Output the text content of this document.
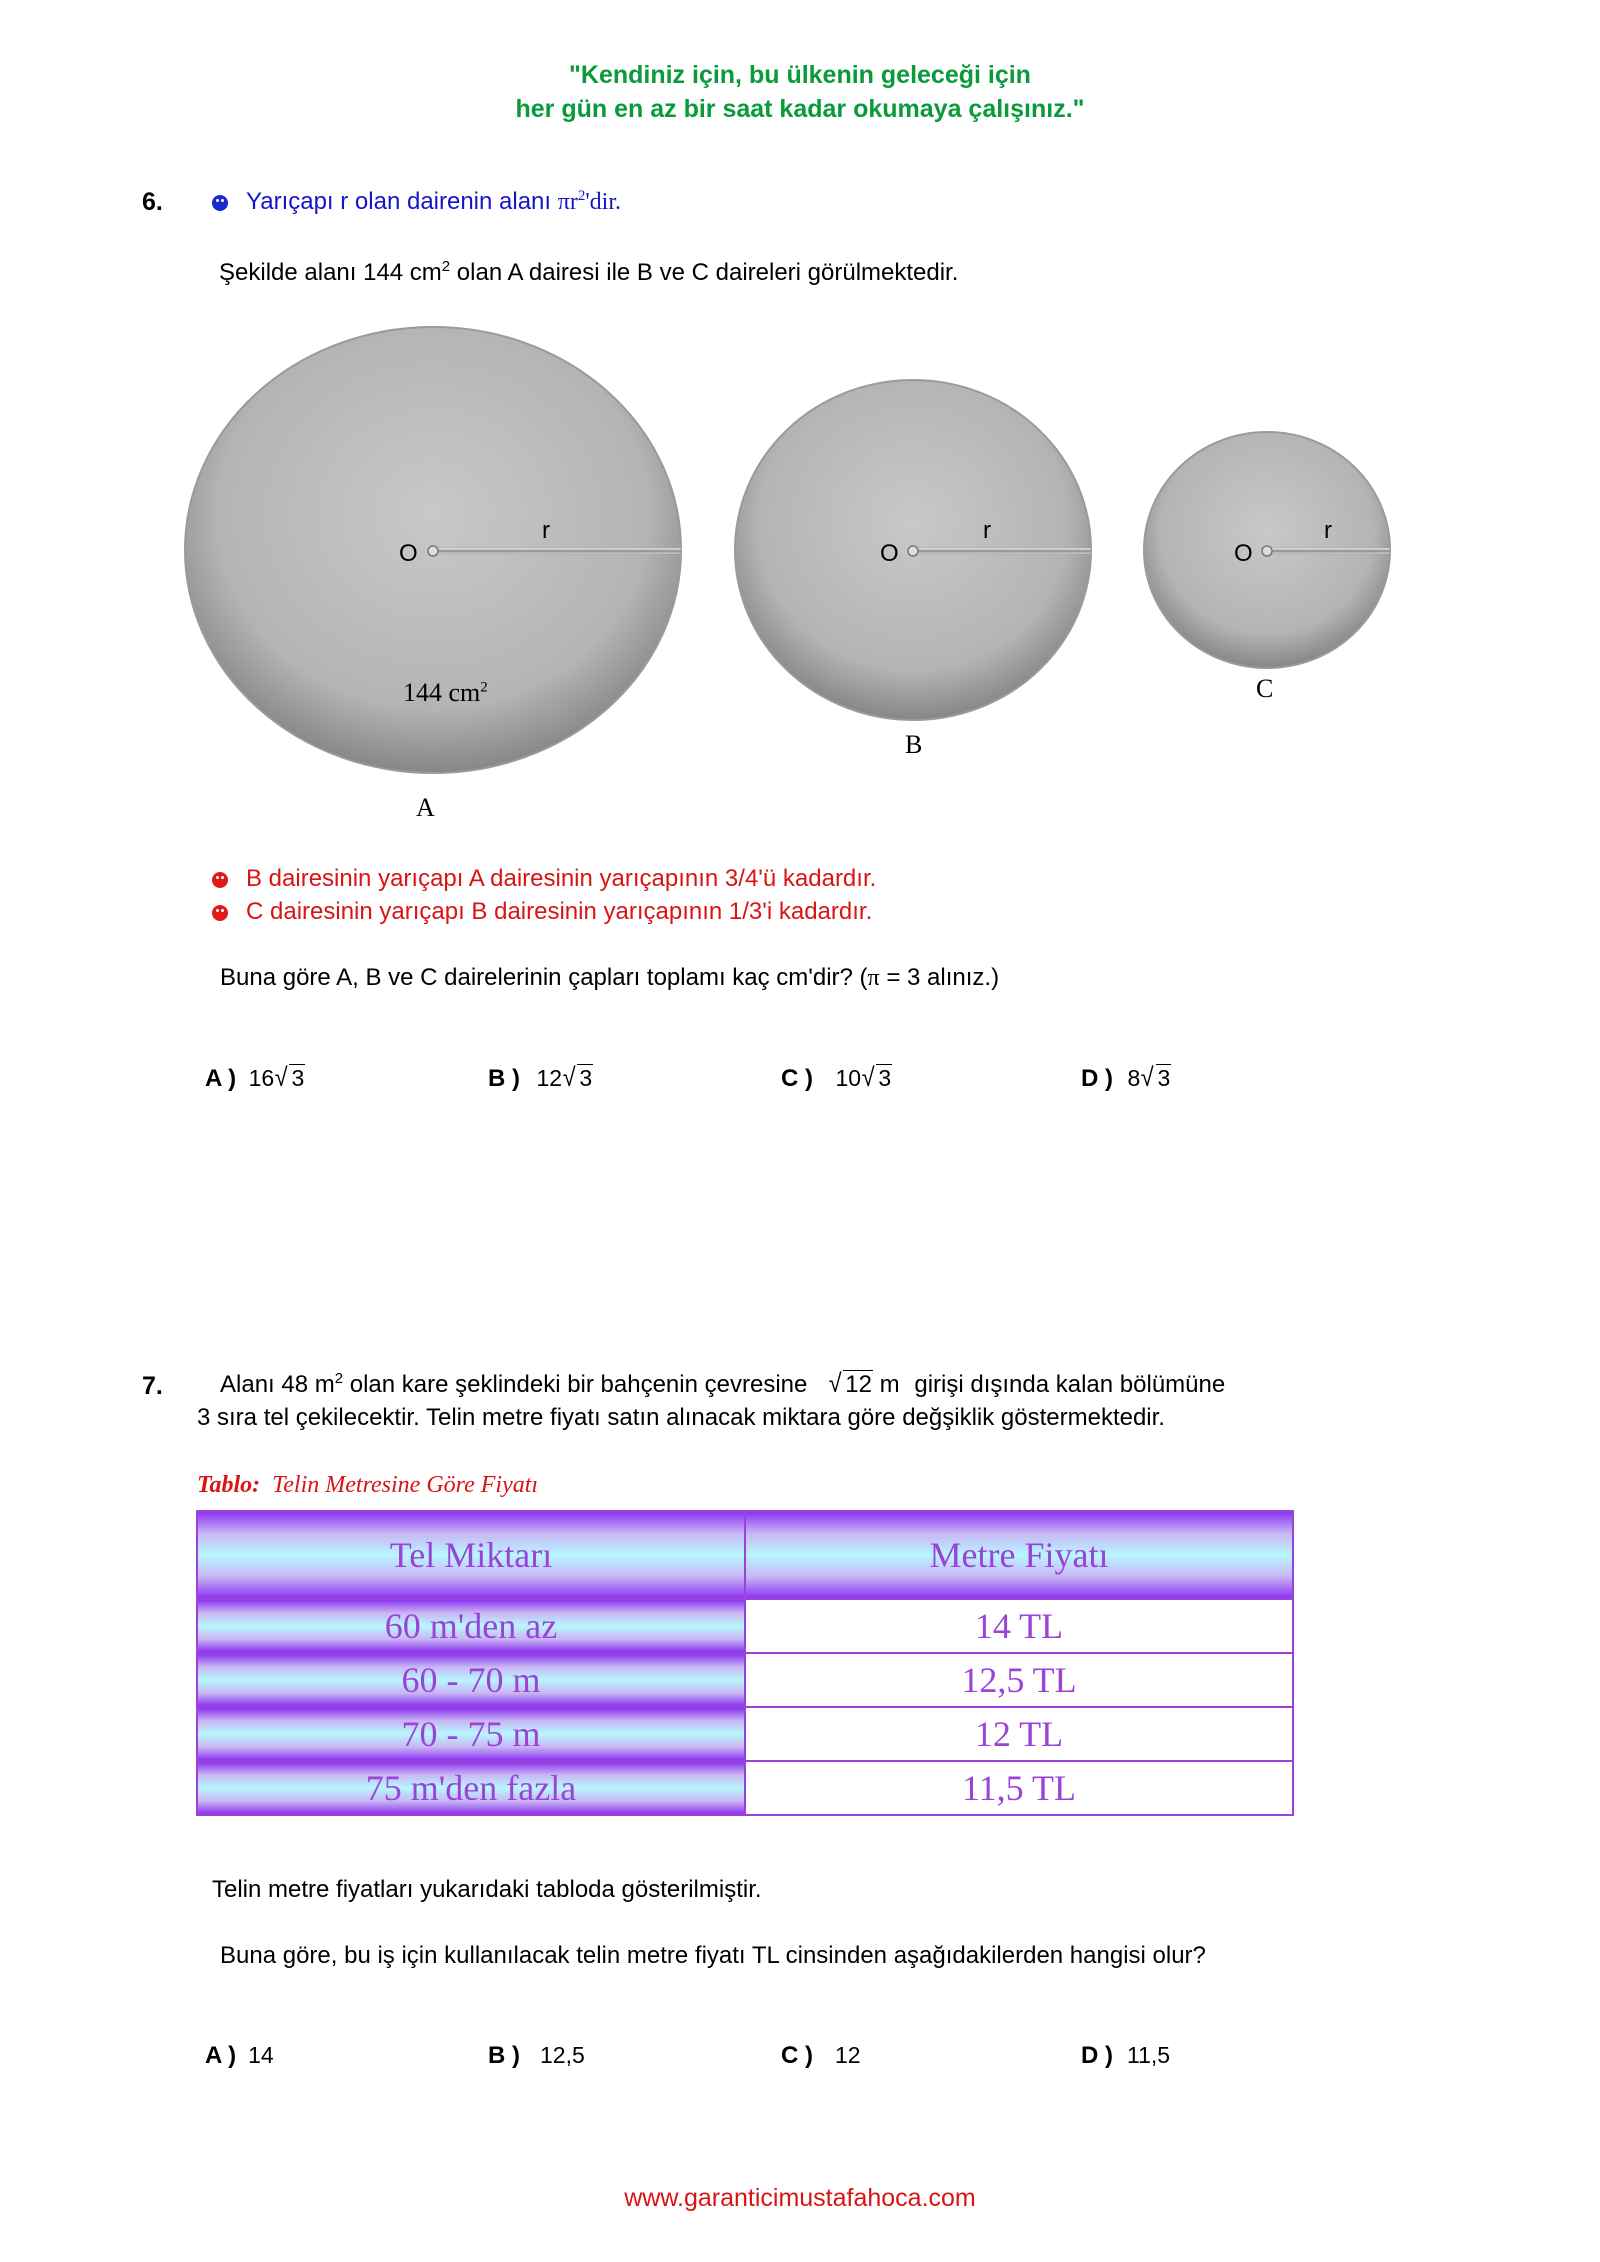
"Kendiniz için, bu ülkenin geleceği için
her gün en az bir saat kadar okumaya çalışınız."
6.	Yarıçapı r olan dairenin alanı $\pi r^2'dir$.
Şekilde alanı 144 $cm^2$ olan A dairesi ile B ve C daireleri görülmektedir.
O
r
144 $cm^2$
A
O
r
B
O
r
C
B dairesinin yarıçapı A dairesinin yarıçapının 3/4'ü kadardır.
C dairesinin yarıçapı B dairesinin yarıçapının 1/3'i kadardır.
Buna göre A, B ve C dairelerinin çapları toplamı kaç cm'dir? (π = 3 alınız.)
A ) 16√ 3	B ) 12√ 3	C ) 10√ 3	D ) 8√ 3
7. Alanı 48 $m^2$ olan kare şeklindeki bir bahçenin çevresine √ 12 m girişi dışında kalan bölümüne
3 sıra tel çekilecektir. Telin metre fiyatı satın alınacak miktara göre değşiklik göstermektedir.
Tablo: Telin Metresine Göre Fiyatı
Tel Miktarı	Metre Fiyatı
60 m'den az	14 TL
60 - 70 m	12,5 TL
70 - 75 m	12 TL
75 m'den fazla	11,5 TL
Telin metre fiyatları yukarıdaki tabloda gösterilmiştir.
Buna göre, bu iş için kullanılacak telin metre fiyatı TL cinsinden aşağıdakilerden hangisi olur?
A ) 14	B ) 12,5	C ) 12	D ) 11,5
www.garanticimustafahoca.com
